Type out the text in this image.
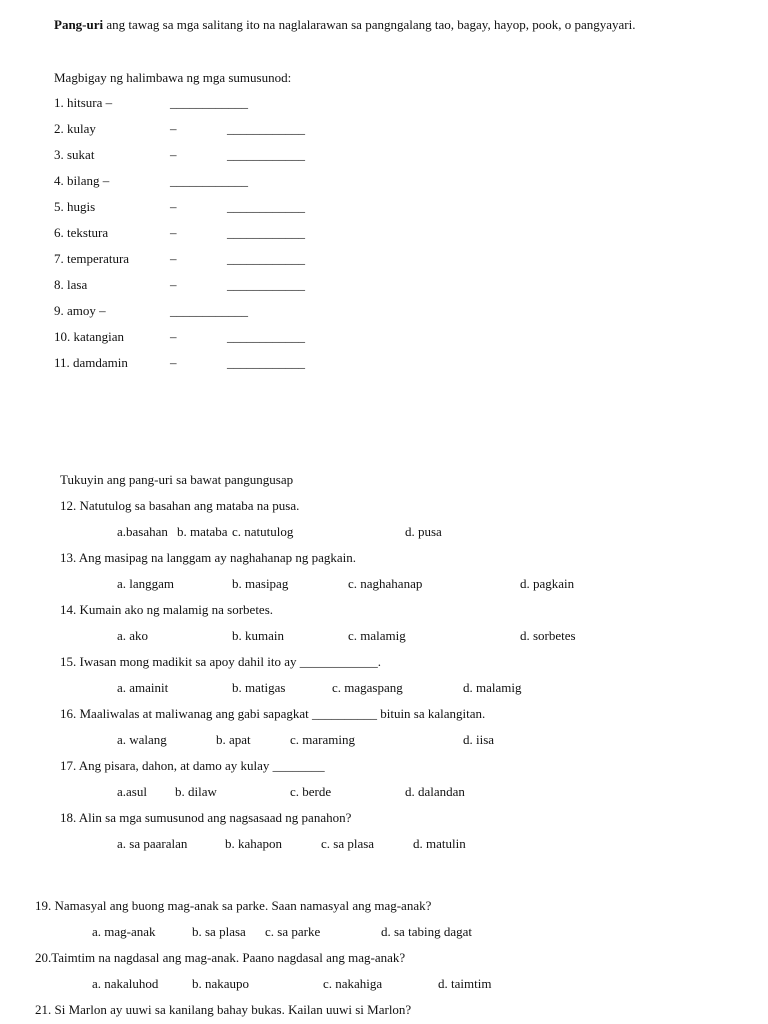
Pang-uri ang tawag sa mga salitang ito na naglalarawan sa pangngalang tao, bagay, hayop, pook, o pangyayari.
Magbigay ng halimbawa ng mga sumusunod:
1. hitsura –	____________
2. kulay	–	____________
3. sukat	–	____________
4. bilang –	____________
5. hugis	–	____________
6. tekstura	–	____________
7. temperatura	–	____________
8. lasa	–	____________
9. amoy –	____________
10. katangian	–	____________
11. damdamin	–	____________
Tukuyin ang pang-uri sa bawat pangungusap
12. Natutulog sa basahan ang mataba na pusa.
a.basahan b. mataba c. natutulog	d. pusa
13. Ang masipag na langgam ay naghahanap ng pagkain.
a. langgam	b. masipag	c. naghahanap	d. pagkain
14. Kumain ako ng malamig na sorbetes.
a. ako	b. kumain	c. malamig	d. sorbetes
15. Iwasan mong madikit sa apoy dahil ito ay ____________.
a. amainit	b. matigas	c. magaspang	d. malamig
16. Maaliwalas at maliwanag ang gabi sapagkat __________ bituin sa kalangitan.
a. walang	b. apat	c. maraming	d. iisa
17. Ang pisara, dahon, at damo ay kulay ________
a.asul b. dilaw	c. berde	d. dalandan
18. Alin sa mga sumusunod ang nagsasaad ng panahon?
a. sa paaralan	b. kahapon	c. sa plasa	d. matulin
19. Namasyal ang buong mag-anak sa parke. Saan namasyal ang mag-anak?
a. mag-anak	b. sa plasa c. sa parke	d. sa tabing dagat
20.Taimtim na nagdasal ang mag-anak. Paano nagdasal ang mag-anak?
a. nakaluhod	b. nakaupo	c. nakahiga	d. taimtim
21. Si Marlon ay uuwi sa kanilang bahay bukas. Kailan uuwi si Marlon?
